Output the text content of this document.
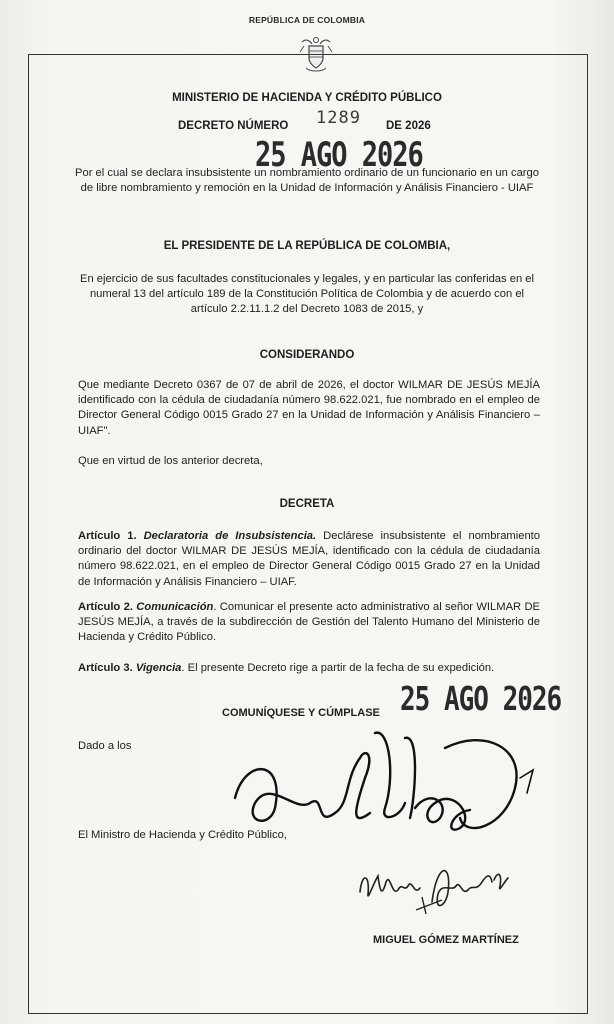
REPÚBLICA DE COLOMBIA
MINISTERIO DE HACIENDA Y CRÉDITO PÚBLICO
DECRETO NÚMERO 1289 DE 2026
25 AGO 2026
Por el cual se declara insubsistente un nombramiento ordinario de un funcionario en un cargo de libre nombramiento y remoción en la Unidad de Información y Análisis Financiero - UIAF
EL PRESIDENTE DE LA REPÚBLICA DE COLOMBIA,
En ejercicio de sus facultades constitucionales y legales, y en particular las conferidas en el numeral 13 del artículo 189 de la Constitución Política de Colombia y de acuerdo con el artículo 2.2.11.1.2 del Decreto 1083 de 2015, y
CONSIDERANDO
Que mediante Decreto 0367 de 07 de abril de 2026, el doctor WILMAR DE JESÚS MEJÍA identificado con la cédula de ciudadanía número 98.622.021, fue nombrado en el empleo de Director General Código 0015 Grado 27 en la Unidad de Información y Análisis Financiero – UIAF".
Que en virtud de los anterior decreta,
DECRETA
Artículo 1. Declaratoria de Insubsistencia. Declárese insubsistente el nombramiento ordinario del doctor WILMAR DE JESÚS MEJÍA, identificado con la cédula de ciudadanía número 98.622.021, en el empleo de Director General Código 0015 Grado 27 en la Unidad de Información y Análisis Financiero – UIAF.
Artículo 2. Comunicación. Comunicar el presente acto administrativo al señor WILMAR DE JESÚS MEJÍA, a través de la subdirección de Gestión del Talento Humano del Ministerio de Hacienda y Crédito Público.
Artículo 3. Vigencia. El presente Decreto rige a partir de la fecha de su expedición.
25 AGO 2026
COMUNÍQUESE Y CÚMPLASE
Dado a los
El Ministro de Hacienda y Crédito Público,
MIGUEL GÓMEZ MARTÍNEZ
